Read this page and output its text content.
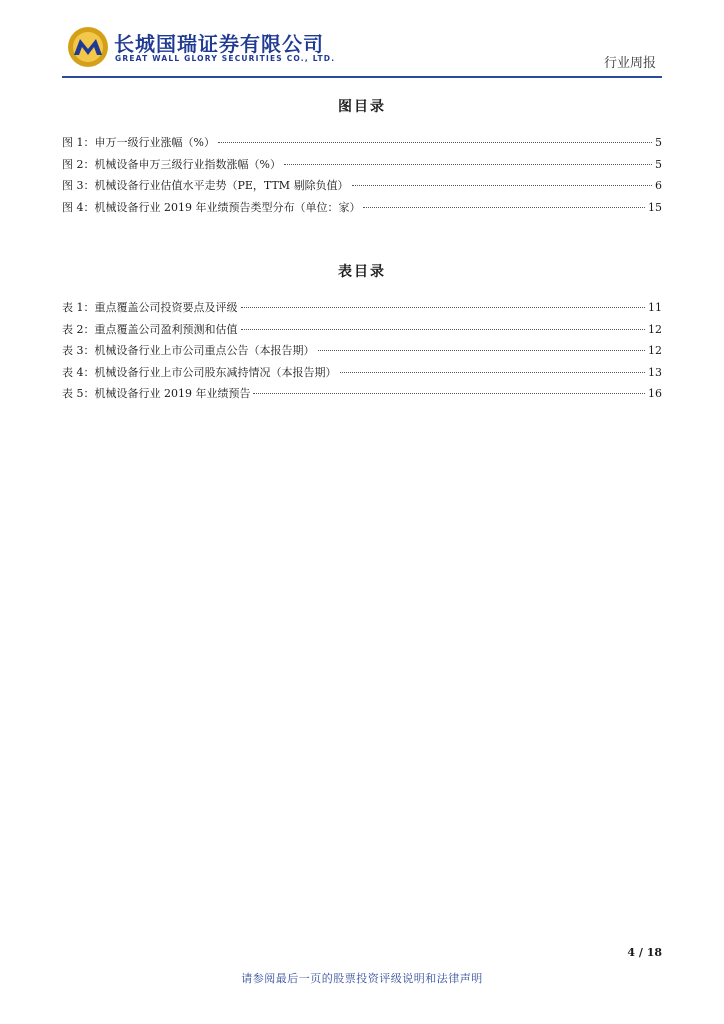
长城国瑞证券有限公司
GREAT WALL GLORY SECURITIES CO., LTD.	行业周报
图目录
图 1：申万一级行业涨幅（%）	5
图 2：机械设备申万三级行业指数涨幅（%）	5
图 3：机械设备行业估值水平走势（PE，TTM 剔除负值）	6
图 4：机械设备行业 2019 年业绩预告类型分布（单位：家）	15
表目录
表 1：重点覆盖公司投资要点及评级	11
表 2：重点覆盖公司盈利预测和估值	12
表 3：机械设备行业上市公司重点公告（本报告期）	12
表 4：机械设备行业上市公司股东减持情况（本报告期）	13
表 5：机械设备行业 2019 年业绩预告	16
4 / 18
请参阅最后一页的股票投资评级说明和法律声明
